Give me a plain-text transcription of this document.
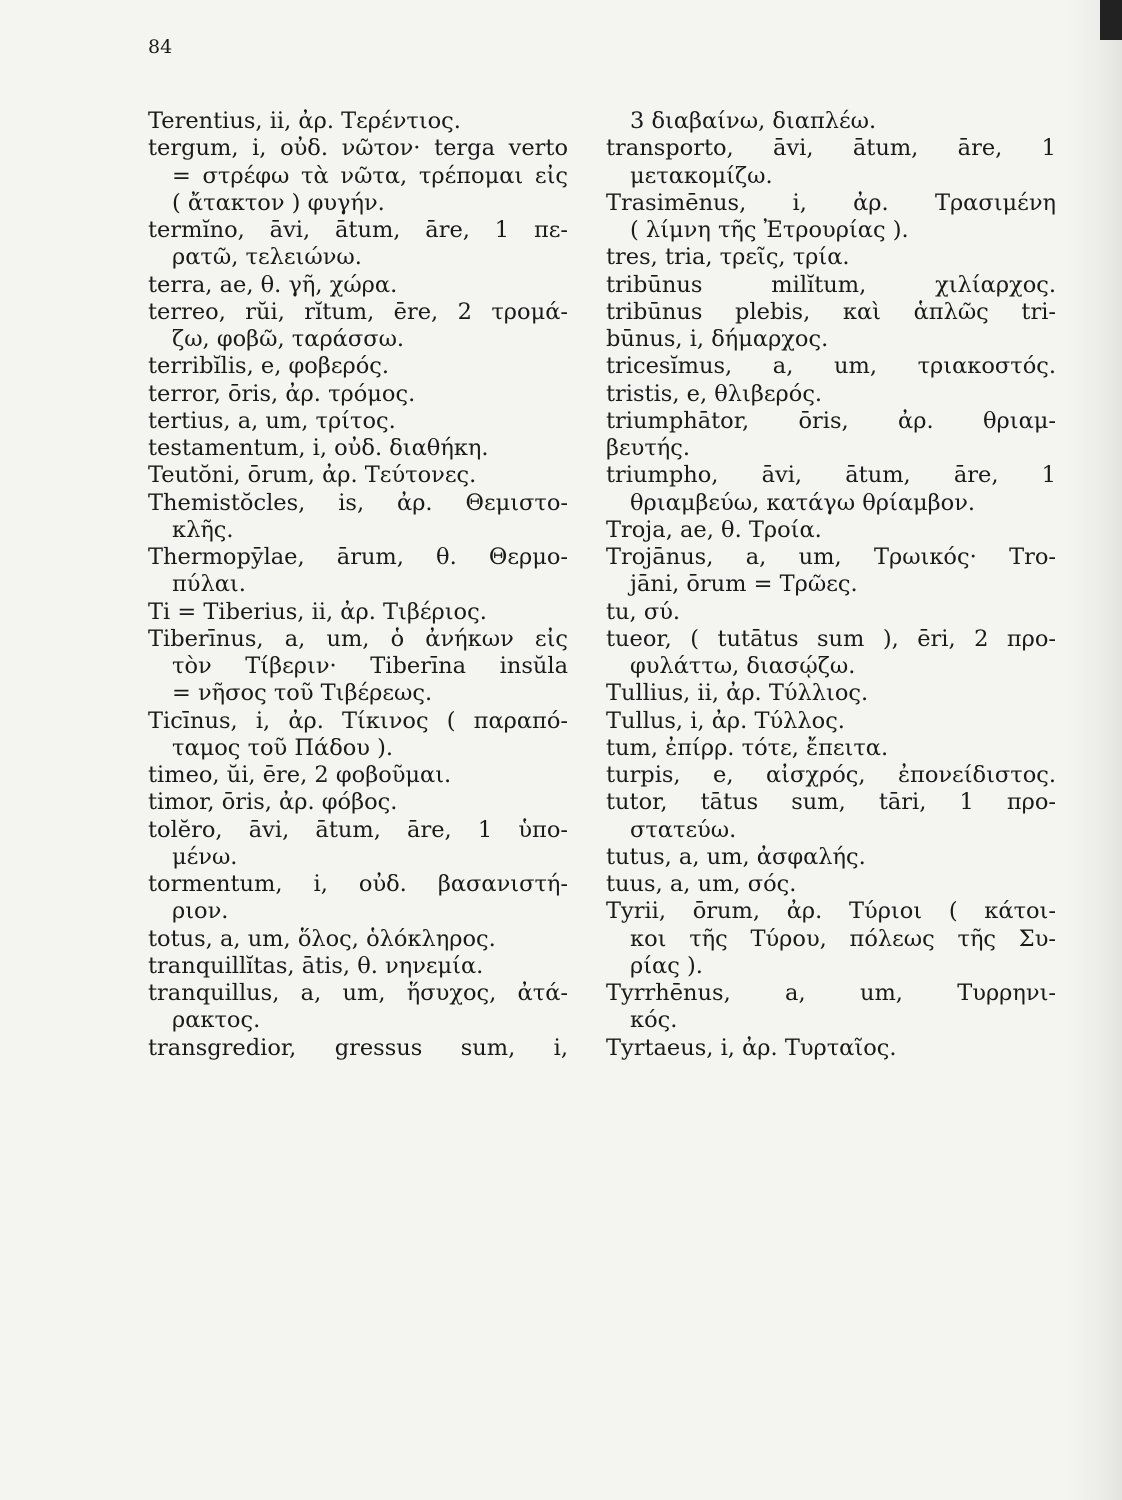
84
Terentius, ii, ἀρ. Τερέντιος.
tergum, i, οὐδ. νῶτον· terga verto
= στρέφω τὰ νῶτα, τρέπομαι εἰς
( ἄτακτον ) φυγήν.
termĭno, āvi, ātum, āre, 1 πε-
ρατῶ, τελειώνω.
terra, ae, θ. γῆ, χώρα.
terreo, rŭi, rĭtum, ēre, 2 τρομά-
ζω, φοβῶ, ταράσσω.
terribĭlis, e, φοβερός.
terror, ōris, ἀρ. τρόμος.
tertius, a, um, τρίτος.
testamentum, i, οὐδ. διαθήκη.
Teutŏni, ōrum, ἀρ. Τεύτονες.
Themistŏcles, is, ἀρ. Θεμιστο-
κλῆς.
Thermopȳlae, ārum, θ. Θερμο-
πύλαι.
Ti = Tiberius, ii, ἀρ. Τιβέριος.
Tiberīnus, a, um, ὁ ἀνήκων εἰς
τὸν Τίβεριν· Tiberīna insŭla
= νῆσος τοῦ Τιβέρεως.
Ticīnus, i, ἀρ. Τίκινος ( παραπό-
ταμος τοῦ Πάδου ).
timeo, ŭi, ēre, 2 φοβοῦμαι.
timor, ōris, ἀρ. φόβος.
tolĕro, āvi, ātum, āre, 1 ὑπο-
μένω.
tormentum, i, οὐδ. βασανιστή-
ριον.
totus, a, um, ὅλος, ὁλόκληρος.
tranquillĭtas, ātis, θ. νηνεμία.
tranquillus, a, um, ἥσυχος, ἀτά-
ρακτος.
transgredior, gressus sum, i,
3 διαβαίνω, διαπλέω.
transporto, āvi, ātum, āre, 1
μετακομίζω.
Trasimēnus, i, ἀρ. Τρασιμένη
( λίμνη τῆς Ἐτρουρίας ).
tres, tria, τρεῖς, τρία.
tribūnus milĭtum, χιλίαρχος.
tribūnus plebis, καὶ ἁπλῶς tri-
būnus, i, δήμαρχος.
tricesĭmus, a, um, τριακοστός.
tristis, e, θλιβερός.
triumphātor, ōris, ἀρ. θριαμ-
βευτής.
triumpho, āvi, ātum, āre, 1
θριαμβεύω, κατάγω θρίαμβον.
Troja, ae, θ. Τροία.
Trojānus, a, um, Τρωικός· Tro-
jāni, ōrum = Τρῶες.
tu, σύ.
tueor, ( tutātus sum ), ēri, 2 προ-
φυλάττω, διασῴζω.
Tullius, ii, ἀρ. Τύλλιος.
Tullus, i, ἀρ. Τύλλος.
tum, ἐπίρρ. τότε, ἔπειτα.
turpis, e, αἰσχρός, ἐπονείδιστος.
tutor, tātus sum, tāri, 1 προ-
στατεύω.
tutus, a, um, ἀσφαλής.
tuus, a, um, σός.
Tyrii, ōrum, ἀρ. Τύριοι ( κάτοι-
κοι τῆς Τύρου, πόλεως τῆς Συ-
ρίας ).
Tyrrhēnus, a, um, Τυρρηνι-
κός.
Tyrtaeus, i, ἀρ. Τυρταῖος.
